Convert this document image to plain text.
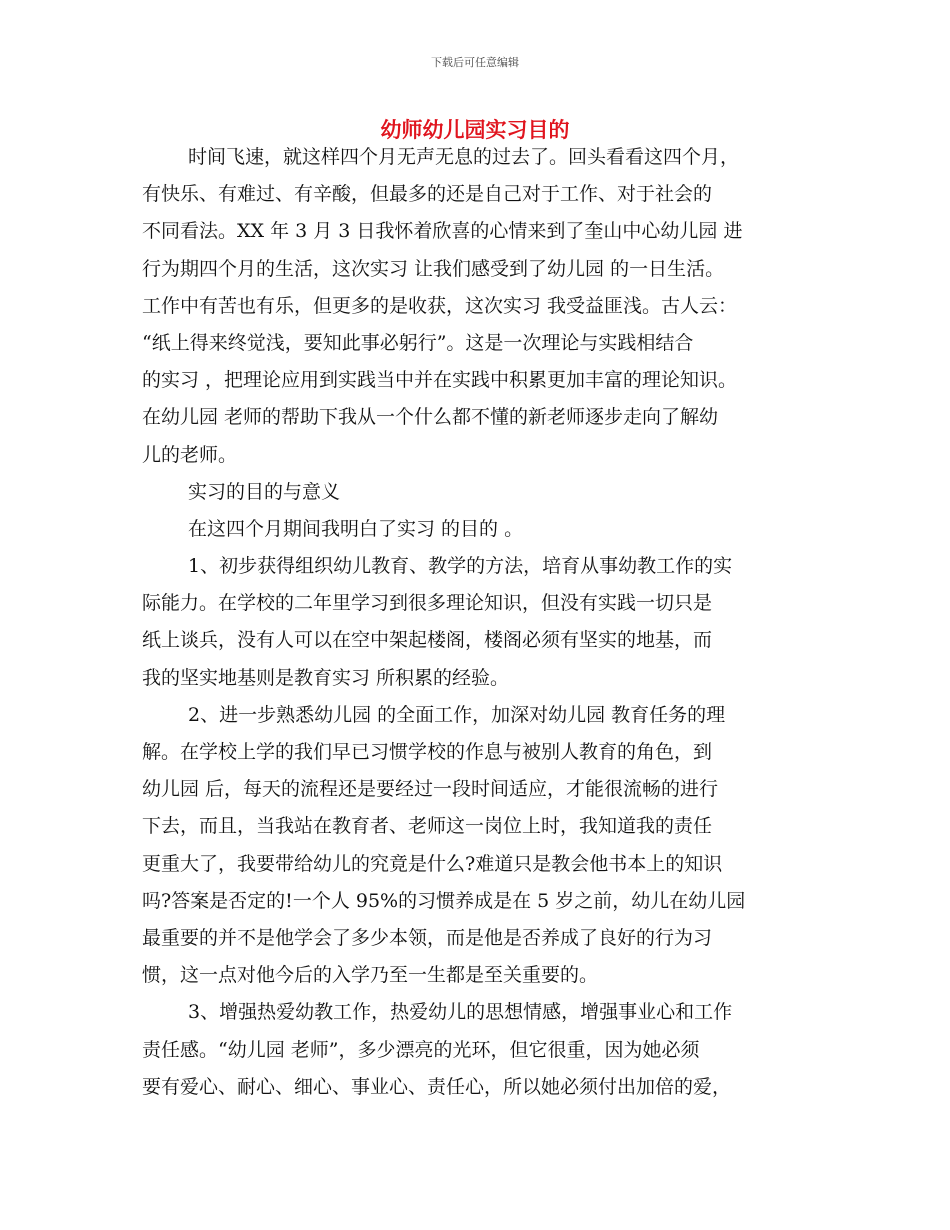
下载后可任意编辑
幼师幼儿园实习目的
时间飞速，就这样四个月无声无息的过去了。回头看看这四个月，
有快乐、有难过、有辛酸，但最多的还是自己对于工作、对于社会的
不同看法。XX 年 3 月 3 日我怀着欣喜的心情来到了奎山中心幼儿园 进
行为期四个月的生活，这次实习 让我们感受到了幼儿园 的一日生活。
工作中有苦也有乐，但更多的是收获，这次实习 我受益匪浅。古人云：
“纸上得来终觉浅，要知此事必躬行”。这是一次理论与实践相结合
的实习 ，把理论应用到实践当中并在实践中积累更加丰富的理论知识。
在幼儿园 老师的帮助下我从一个什么都不懂的新老师逐步走向了解幼
儿的老师。
实习的目的与意义
在这四个月期间我明白了实习 的目的 。
1、初步获得组织幼儿教育、教学的方法，培育从事幼教工作的实
际能力。在学校的二年里学习到很多理论知识，但没有实践一切只是
纸上谈兵，没有人可以在空中架起楼阁，楼阁必须有坚实的地基，而
我的坚实地基则是教育实习 所积累的经验。
2、进一步熟悉幼儿园 的全面工作，加深对幼儿园 教育任务的理
解。在学校上学的我们早已习惯学校的作息与被别人教育的角色，到
幼儿园 后，每天的流程还是要经过一段时间适应，才能很流畅的进行
下去，而且，当我站在教育者、老师这一岗位上时，我知道我的责任
更重大了，我要带给幼儿的究竟是什么?难道只是教会他书本上的知识
吗?答案是否定的!一个人 95%的习惯养成是在 5 岁之前，幼儿在幼儿园
最重要的并不是他学会了多少本领，而是他是否养成了良好的行为习
惯，这一点对他今后的入学乃至一生都是至关重要的。
3、增强热爱幼教工作，热爱幼儿的思想情感，增强事业心和工作
责任感。“幼儿园 老师”，多少漂亮的光环，但它很重，因为她必须
要有爱心、耐心、细心、事业心、责任心，所以她必须付出加倍的爱，
